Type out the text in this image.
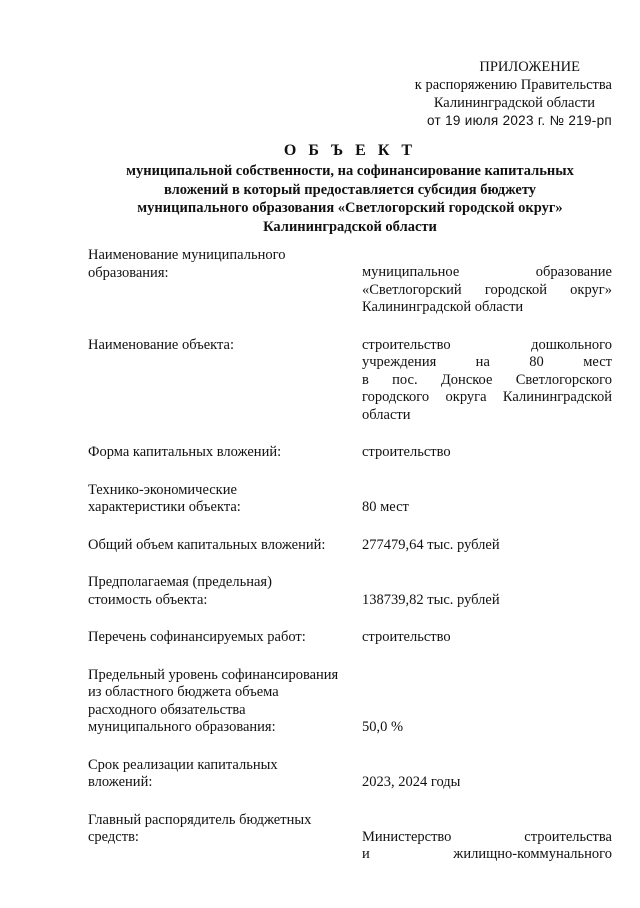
ПРИЛОЖЕНИЕ
к распоряжению Правительства
Калининградской области
от 19 июля 2023 г. № 219-рп
О Б Ъ Е К Т
муниципальной собственности, на софинансирование капитальных
вложений в который предоставляется субсидия бюджету
муниципального образования «Светлогорский городской округ»
Калининградской области
Наименование муниципального
образования:	муниципальное образование
«Светлогорский городской округ»
Калининградской области
Наименование объекта:	строительство дошкольного
учреждения на 80 мест
в пос. Донское Светлогорского
городского округа Калининградской
области
Форма капитальных вложений:	строительство
Технико-экономические
характеристики объекта:	80 мест
Общий объем капитальных вложений:	277479,64 тыс. рублей
Предполагаемая (предельная)
стоимость объекта:	138739,82 тыс. рублей
Перечень софинансируемых работ:	строительство
Предельный уровень софинансирования
из областного бюджета объема
расходного обязательства
муниципального образования:	50,0 %
Срок реализации капитальных
вложений:	2023, 2024 годы
Главный распорядитель бюджетных
средств:	Министерство строительства
и жилищно-коммунального
